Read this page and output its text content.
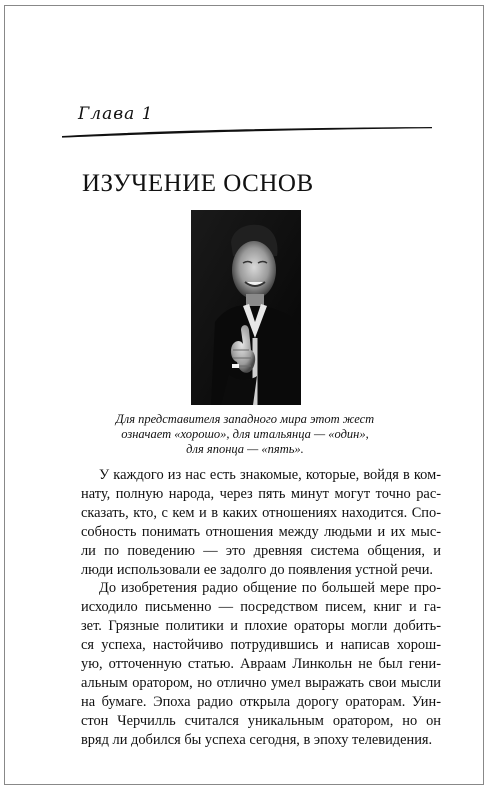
Глава 1
ИЗУЧЕНИЕ ОСНОВ
Для представителя западного мира этот жест
означает «хорошо», для итальянца — «один»,
для японца — «пять».
У каждого из нас есть знакомые, которые, войдя в ком-
нату, полную народа, через пять минут могут точно рас-
сказать, кто, с кем и в каких отношениях находится. Спо-
собность понимать отношения между людьми и их мыс-
ли по поведению — это древняя система общения, и
люди использовали ее задолго до появления устной речи.
До изобретения радио общение по большей мере про-
исходило письменно — посредством писем, книг и га-
зет. Грязные политики и плохие ораторы могли добить-
ся успеха, настойчиво потрудившись и написав хорош-
ую, отточенную статью. Авраам Линкольн не был гени-
альным оратором, но отлично умел выражать свои мысли
на бумаге. Эпоха радио открыла дорогу ораторам. Уин-
стон Черчилль считался уникальным оратором, но он
вряд ли добился бы успеха сегодня, в эпоху телевидения.
